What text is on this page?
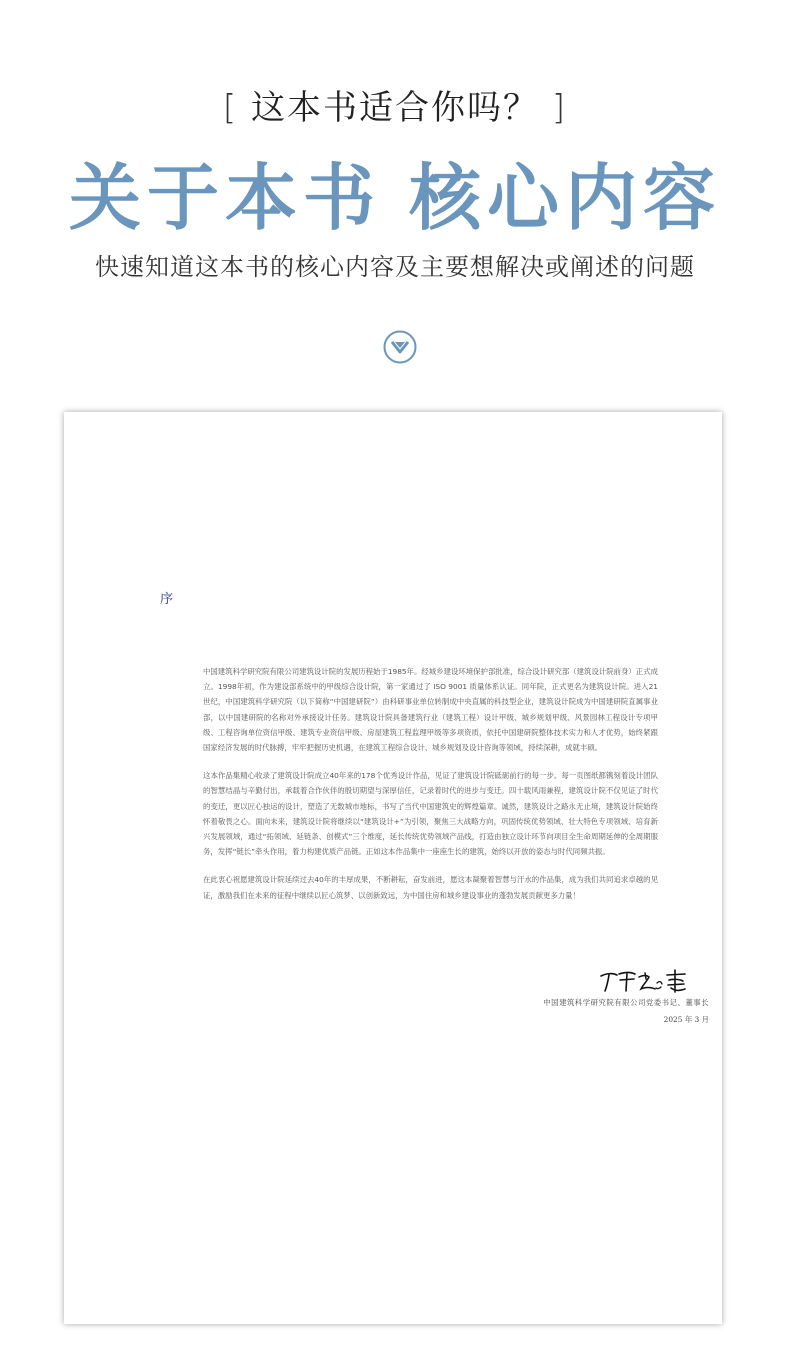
[ 这本书适合你吗？ ]
关于本书 核心内容
快速知道这本书的核心内容及主要想解决或阐述的问题
序

中国建筑科学研究院有限公司建筑设计院的发展历程始于1985年。经城乡建设环境保护部批准，综合设计研究部（建筑设计院前身）正式成立。1998年初，作为建设部系统中的甲级综合设计院，第一家通过了 ISO 9001 质量体系认证。同年院，正式更名为建筑设计院。进入21世纪，中国建筑科学研究院（以下简称“中国建研院”）由科研事业单位转制成中央直属的科技型企业，建筑设计院成为中国建研院直属事业部，以中国建研院的名称对外承接设计任务。建筑设计院具备建筑行业（建筑工程）设计甲级、城乡规划甲级、风景园林工程设计专项甲级、工程咨询单位资信甲级、建筑专业资信甲级、房屋建筑工程监理甲级等多项资质，依托中国建研院整体技术实力和人才优势，始终紧跟国家经济发展的时代脉搏，牢牢把握历史机遇，在建筑工程综合设计、城乡规划及设计咨询等领域，持续深耕，成就丰硕。

这本作品集精心收录了建筑设计院成立40年来的178个优秀设计作品，见证了建筑设计院砥砺前行的每一步。每一页图纸都镌刻着设计团队的智慧结晶与辛勤付出，承载着合作伙伴的殷切期望与深厚信任，记录着时代的进步与变迁。四十载风雨兼程，建筑设计院不仅见证了时代的变迁，更以匠心独运的设计，塑造了无数城市地标，书写了当代中国建筑史的辉煌篇章。诚然，建筑设计之路永无止境，建筑设计院始终怀着敬畏之心。面向未来，建筑设计院将继续以“建筑设计+”为引领，聚焦三大战略方向，巩固传统优势领域、壮大特色专项领域、培育新兴发展领域，通过“拓领域、延链条、创模式”三个维度，延长传统优势领域产品线，打造由独立设计环节向项目全生命周期延伸的全周期服务，发挥“链长”牵头作用，着力构建优质产品链。正如这本作品集中一座座生长的建筑，始终以开放的姿态与时代同频共振。

在此衷心祝愿建筑设计院延续过去40年的丰厚成果，不断耕耘，奋发前进，愿这本凝聚着智慧与汗水的作品集，成为我们共同追求卓越的见证，激励我们在未来的征程中继续以匠心筑梦、以创新致远，为中国住房和城乡建设事业的蓬勃发展贡献更多力量！

中国建筑科学研究院有限公司党委书记、董事长
2025 年 3 月
